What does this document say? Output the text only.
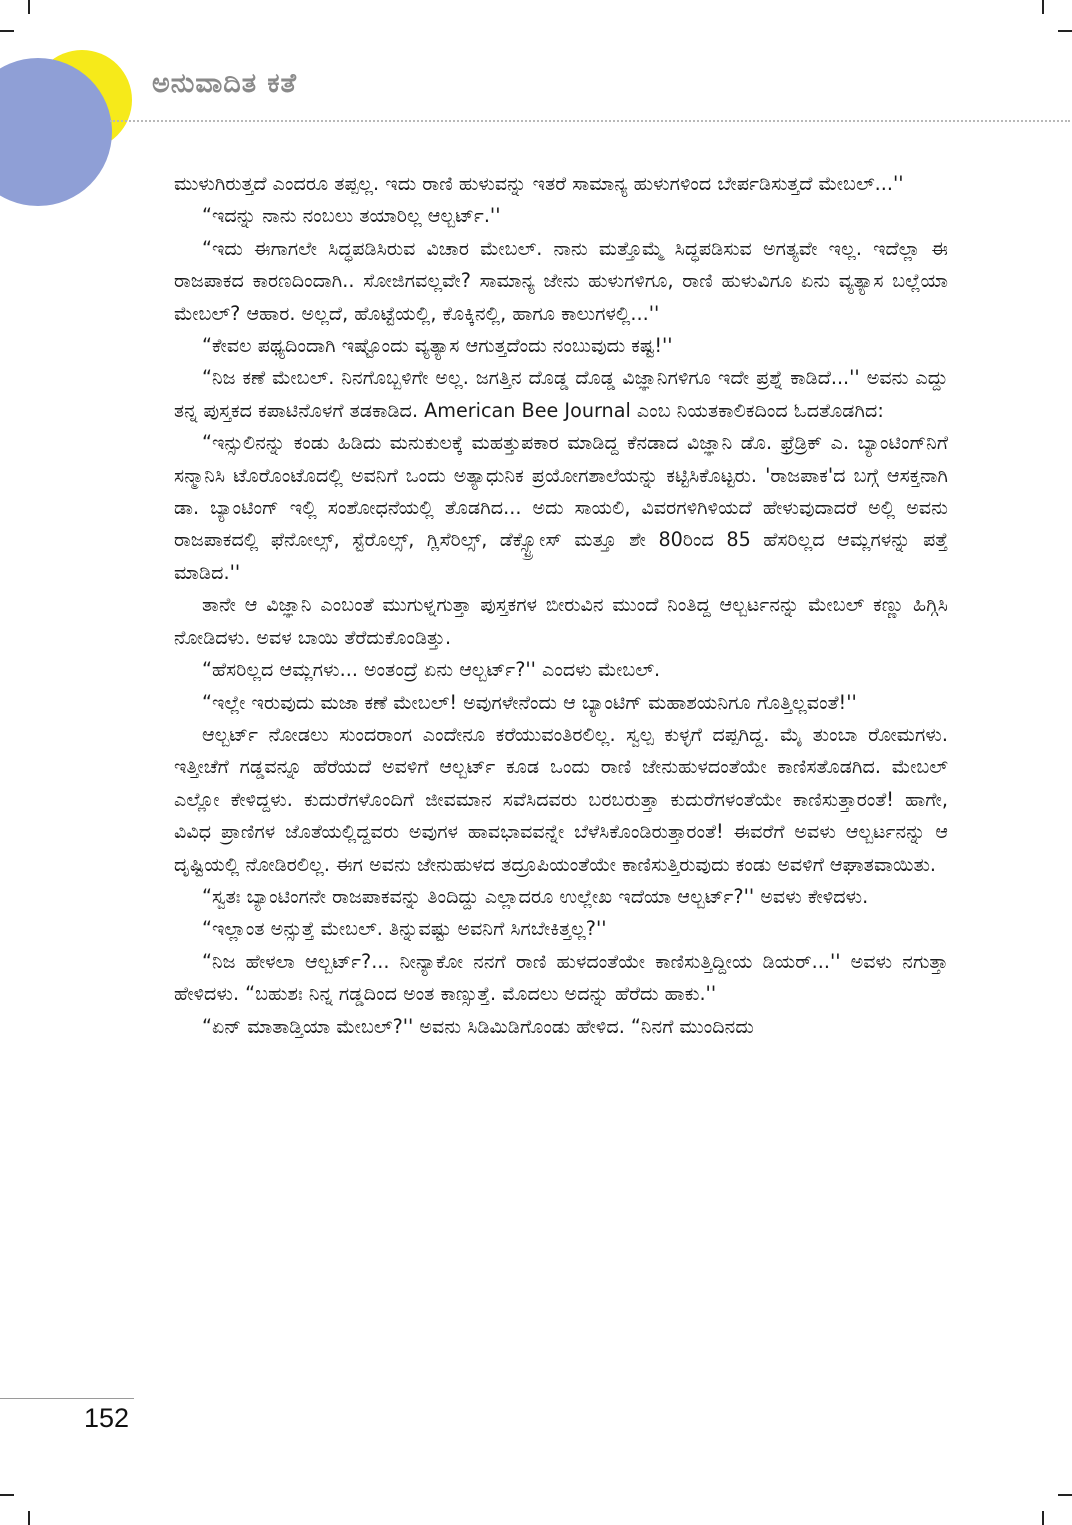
ಅನುವಾದಿತ ಕತೆ

ಮುಳುಗಿರುತ್ತದೆ ಎಂದರೂ ತಪ್ಪಲ್ಲ. ಇದು ರಾಣಿ ಹುಳುವನ್ನು ಇತರೆ ಸಾಮಾನ್ಯ ಹುಳುಗಳಿಂದ ಬೇರ್ಪಡಿಸುತ್ತದೆ ಮೇಬಲ್...''

“ಇದನ್ನು ನಾನು ನಂಬಲು ತಯಾರಿಲ್ಲ ಆಲ್ಬರ್ಟ್.''

“ಇದು ಈಗಾಗಲೇ ಸಿದ್ಧಪಡಿಸಿರುವ ವಿಚಾರ ಮೇಬಲ್. ನಾನು ಮತ್ತೊಮ್ಮೆ ಸಿದ್ಧಪಡಿಸುವ ಅಗತ್ಯವೇ ಇಲ್ಲ. ಇದೆಲ್ಲಾ ಈ ರಾಜಪಾಕದ ಕಾರಣದಿಂದಾಗಿ.. ಸೋಜಿಗವಲ್ಲವೇ? ಸಾಮಾನ್ಯ ಜೇನು ಹುಳುಗಳಿಗೂ, ರಾಣಿ ಹುಳುವಿಗೂ ಏನು ವ್ಯತ್ಯಾಸ ಬಲ್ಲೆಯಾ ಮೇಬಲ್? ಆಹಾರ. ಅಲ್ಲದೆ, ಹೊಟ್ಟೆಯಲ್ಲಿ, ಕೊಕ್ಕಿನಲ್ಲಿ, ಹಾಗೂ ಕಾಲುಗಳಲ್ಲಿ...''

“ಕೇವಲ ಪಥ್ಯದಿಂದಾಗಿ ಇಷ್ಟೊಂದು ವ್ಯತ್ಯಾಸ ಆಗುತ್ತದೆಂದು ನಂಬುವುದು ಕಷ್ಟ!''

“ನಿಜ ಕಣೆ ಮೇಬಲ್. ನಿನಗೊಬ್ಬಳಿಗೇ ಅಲ್ಲ. ಜಗತ್ತಿನ ದೊಡ್ಡ ದೊಡ್ಡ ವಿಜ್ಞಾನಿಗಳಿಗೂ ಇದೇ ಪ್ರಶ್ನೆ ಕಾಡಿದೆ...'' ಅವನು ಎದ್ದು ತನ್ನ ಪುಸ್ತಕದ ಕಪಾಟಿನೊಳಗೆ ತಡಕಾಡಿದ. American Bee Journal ಎಂಬ ನಿಯತಕಾಲಿಕದಿಂದ ಓದತೊಡಗಿದ:

“ಇನ್ಸುಲಿನನ್ನು ಕಂಡು ಹಿಡಿದು ಮನುಕುಲಕ್ಕೆ ಮಹತ್ತುಪಕಾರ ಮಾಡಿದ್ದ ಕೆನಡಾದ ವಿಜ್ಞಾನಿ ಡೊ. ಫ್ರೆಡ್ರಿಕ್ ಎ. ಬ್ಯಾಂಟಿಂಗ್‌ನಿಗೆ ಸನ್ಮಾನಿಸಿ ಟೊರೊಂಟೊದಲ್ಲಿ ಅವನಿಗೆ ಒಂದು ಅತ್ಯಾಧುನಿಕ ಪ್ರಯೋಗಶಾಲೆಯನ್ನು ಕಟ್ಟಿಸಿಕೊಟ್ಟರು. 'ರಾಜಪಾಕ'ದ ಬಗ್ಗೆ ಆಸಕ್ತನಾಗಿ ಡಾ. ಬ್ಯಾಂಟಿಂಗ್ ಇಲ್ಲಿ ಸಂಶೋಧನೆಯಲ್ಲಿ ತೊಡಗಿದ... ಅದು ಸಾಯಲಿ, ವಿವರಗಳಿಗಿಳಿಯದೆ ಹೇಳುವುದಾದರೆ ಅಲ್ಲಿ ಅವನು ರಾಜಪಾಕದಲ್ಲಿ ಫೆನೋಲ್ಸ್, ಸ್ಟೆರೊಲ್ಸ್, ಗ್ಲಿಸೆರಿಲ್ಸ್, ಡೆಕ್ಸ್ಟ್ರೋಸ್ ಮತ್ತೂ ಶೇ 80ರಿಂದ 85 ಹೆಸರಿಲ್ಲದ ಆಮ್ಲಗಳನ್ನು ಪತ್ತೆ ಮಾಡಿದ.''

ತಾನೇ ಆ ವಿಜ್ಞಾನಿ ಎಂಬಂತೆ ಮುಗುಳ್ನಗುತ್ತಾ ಪುಸ್ತಕಗಳ ಬೀರುವಿನ ಮುಂದೆ ನಿಂತಿದ್ದ ಆಲ್ಬರ್ಟನನ್ನು ಮೇಬಲ್ ಕಣ್ಣು ಹಿಗ್ಗಿಸಿ ನೋಡಿದಳು. ಅವಳ ಬಾಯಿ ತೆರೆದುಕೊಂಡಿತ್ತು.

“ಹೆಸರಿಲ್ಲದ ಆಮ್ಲಗಳು... ಅಂತಂದ್ರೆ ಏನು ಆಲ್ಬರ್ಟ್?'' ಎಂದಳು ಮೇಬಲ್.

“ಇಲ್ಲೇ ಇರುವುದು ಮಜಾ ಕಣೆ ಮೇಬಲ್! ಅವುಗಳೇನೆಂದು ಆ ಬ್ಯಾಂಟಿಗ್ ಮಹಾಶಯನಿಗೂ ಗೊತ್ತಿಲ್ಲವಂತೆ!''

ಆಲ್ಬರ್ಟ್ ನೋಡಲು ಸುಂದರಾಂಗ ಎಂದೇನೂ ಕರೆಯುವಂತಿರಲಿಲ್ಲ. ಸ್ವಲ್ಪ ಕುಳ್ಳಗೆ ದಪ್ಪಗಿದ್ದ. ಮೈ ತುಂಬಾ ರೋಮಗಳು. ಇತ್ತೀಚೆಗೆ ಗಡ್ಡವನ್ನೂ ಹೆರೆಯದೆ ಅವಳಿಗೆ ಆಲ್ಬರ್ಟ್ ಕೂಡ ಒಂದು ರಾಣಿ ಜೇನುಹುಳದಂತೆಯೇ ಕಾಣಿಸತೊಡಗಿದ. ಮೇಬಲ್ ಎಲ್ಲೋ ಕೇಳಿದ್ದಳು. ಕುದುರೆಗಳೊಂದಿಗೆ ಜೀವಮಾನ ಸವೆಸಿದವರು ಬರಬರುತ್ತಾ ಕುದುರೆಗಳಂತೆಯೇ ಕಾಣಿಸುತ್ತಾರಂತೆ! ಹಾಗೇ, ವಿವಿಧ ಪ್ರಾಣಿಗಳ ಜೊತೆಯಲ್ಲಿದ್ದವರು ಅವುಗಳ ಹಾವಭಾವವನ್ನೇ ಬೆಳೆಸಿಕೊಂಡಿರುತ್ತಾರಂತೆ! ಈವರೆಗೆ ಅವಳು ಆಲ್ಬರ್ಟನನ್ನು ಆ ದೃಷ್ಟಿಯಲ್ಲಿ ನೋಡಿರಲಿಲ್ಲ. ಈಗ ಅವನು ಜೇನುಹುಳದ ತದ್ರೂಪಿಯಂತೆಯೇ ಕಾಣಿಸುತ್ತಿರುವುದು ಕಂಡು ಅವಳಿಗೆ ಆಘಾತವಾಯಿತು.

“ಸ್ವತಃ ಬ್ಯಾಂಟಿಂಗನೇ ರಾಜಪಾಕವನ್ನು ತಿಂದಿದ್ದು ಎಲ್ಲಾದರೂ ಉಲ್ಲೇಖ ಇದೆಯಾ ಆಲ್ಬರ್ಟ್?'' ಅವಳು ಕೇಳಿದಳು.

“ಇಲ್ಲಾಂತ ಅನ್ಸುತ್ತೆ ಮೇಬಲ್. ತಿನ್ನುವಷ್ಟು ಅವನಿಗೆ ಸಿಗಬೇಕಿತ್ತಲ್ಲ?''

“ನಿಜ ಹೇಳಲಾ ಆಲ್ಬರ್ಟ್?... ನೀನ್ಯಾಕೋ ನನಗೆ ರಾಣಿ ಹುಳದಂತೆಯೇ ಕಾಣಿಸುತ್ತಿದ್ದೀಯ ಡಿಯರ್...'' ಅವಳು ನಗುತ್ತಾ ಹೇಳಿದಳು. “ಬಹುಶಃ ನಿನ್ನ ಗಡ್ಡದಿಂದ ಅಂತ ಕಾಣ್ಸುತ್ತೆ. ಮೊದಲು ಅದನ್ನು ಹೆರೆದು ಹಾಕು.''

“ಏನ್ ಮಾತಾಡ್ತಿಯಾ ಮೇಬಲ್?'' ಅವನು ಸಿಡಿಮಿಡಿಗೊಂಡು ಹೇಳಿದ. “ನಿನಗೆ ಮುಂದಿನದು

152
